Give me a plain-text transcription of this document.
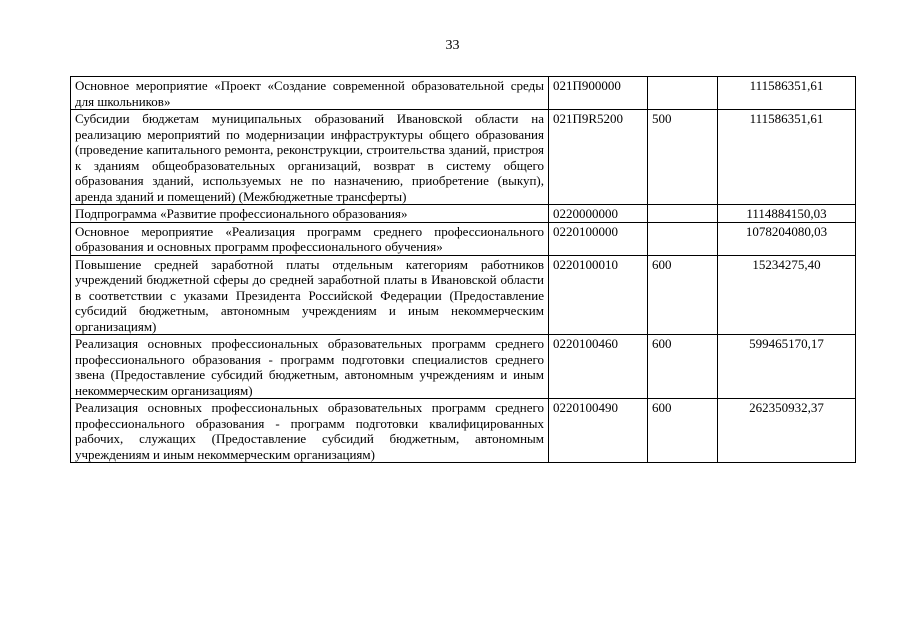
33
Основное мероприятие «Проект «Создание современной образовательной среды для школьников»	021П900000		111586351,61
Субсидии бюджетам муниципальных образований Ивановской области на реализацию мероприятий по модернизации инфраструктуры общего образования (проведение капитального ремонта, реконструкции, строительства зданий, пристроя к зданиям общеобразовательных организаций, возврат в систему общего образования зданий, используемых не по назначению, приобретение (выкуп), аренда зданий и помещений) (Межбюджетные трансферты)	021П9R5200	500	111586351,61
Подпрограмма «Развитие профессионального образования»	0220000000		1114884150,03
Основное мероприятие «Реализация программ среднего профессионального образования и основных программ профессионального обучения»	0220100000		1078204080,03
Повышение средней заработной платы отдельным категориям работников учреждений бюджетной сферы до средней заработной платы в Ивановской области в соответствии с указами Президента Российской Федерации (Предоставление субсидий бюджетным, автономным учреждениям и иным некоммерческим организациям)	0220100010	600	15234275,40
Реализация основных профессиональных образовательных программ среднего профессионального образования - программ подготовки специалистов среднего звена (Предоставление субсидий бюджетным, автономным учреждениям и иным некоммерческим организациям)	0220100460	600	599465170,17
Реализация основных профессиональных образовательных программ среднего профессионального образования - программ подготовки квалифицированных рабочих, служащих (Предоставление субсидий бюджетным, автономным учреждениям и иным некоммерческим организациям)	0220100490	600	262350932,37
